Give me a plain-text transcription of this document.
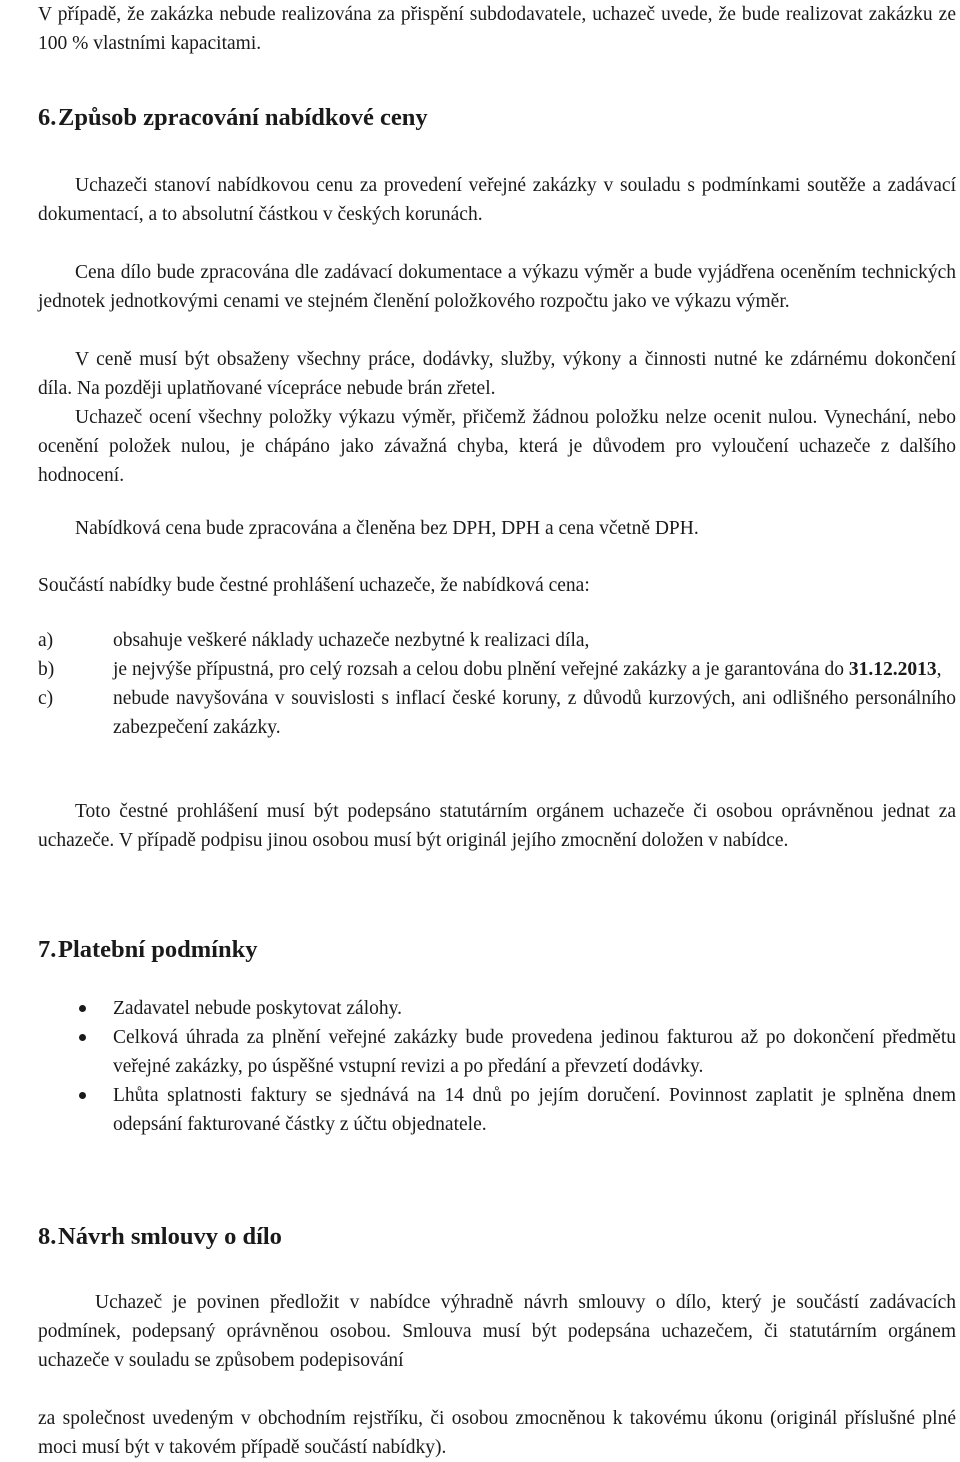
V případě, že zakázka nebude realizována za přispění subdodavatele, uchazeč uvede, že bude realizovat zakázku ze 100 % vlastními kapacitami.

6. Způsob zpracování nabídkové ceny

Uchazeči stanoví nabídkovou cenu za provedení veřejné zakázky v souladu s podmínkami soutěže a zadávací dokumentací, a to absolutní částkou v českých korunách.

Cena dílo bude zpracována dle zadávací dokumentace a výkazu výměr a bude vyjádřena oceněním technických jednotek jednotkovými cenami ve stejném členění položkového rozpočtu jako ve výkazu výměr.

V ceně musí být obsaženy všechny práce, dodávky, služby, výkony a činnosti nutné ke zdárnému dokončení díla. Na později uplatňované vícepráce nebude brán zřetel.

Uchazeč ocení všechny položky výkazu výměr, přičemž žádnou položku nelze ocenit nulou. Vynechání, nebo ocenění položek nulou, je chápáno jako závažná chyba, která je důvodem pro vyloučení uchazeče z dalšího hodnocení.

Nabídková cena bude zpracována a členěna bez DPH, DPH a cena včetně DPH.

Součástí nabídky bude čestné prohlášení uchazeče, že nabídková cena:

a)	obsahuje veškeré náklady uchazeče nezbytné k realizaci díla,
b)	je nejvýše přípustná, pro celý rozsah a celou dobu plnění veřejné zakázky a je garantována do 31.12.2013,
c)	nebude navyšována v souvislosti s inflací české koruny, z důvodů kurzových, ani odlišného personálního zabezpečení zakázky.

Toto čestné prohlášení musí být podepsáno statutárním orgánem uchazeče či osobou oprávněnou jednat za uchazeče. V případě podpisu jinou osobou musí být originál jejího zmocnění doložen v nabídce.

7. Platební podmínky
Zadavatel nebude poskytovat zálohy.
Celková úhrada za plnění veřejné zakázky bude provedena jedinou fakturou až po dokončení předmětu veřejné zakázky, po úspěšné vstupní revizi a po předání a převzetí dodávky.
Lhůta splatnosti faktury se sjednává na 14 dnů po jejím doručení. Povinnost zaplatit je splněna dnem odepsání fakturované částky z účtu objednatele.
8. Návrh smlouvy o dílo

Uchazeč je povinen předložit v nabídce výhradně návrh smlouvy o dílo, který je součástí zadávacích podmínek, podepsaný oprávněnou osobou. Smlouva musí být podepsána uchazečem, či statutárním orgánem uchazeče v souladu se způsobem podepisování

za společnost uvedeným v obchodním rejstříku, či osobou zmocněnou k takovému úkonu (originál příslušné plné moci musí být v takovém případě součástí nabídky).
